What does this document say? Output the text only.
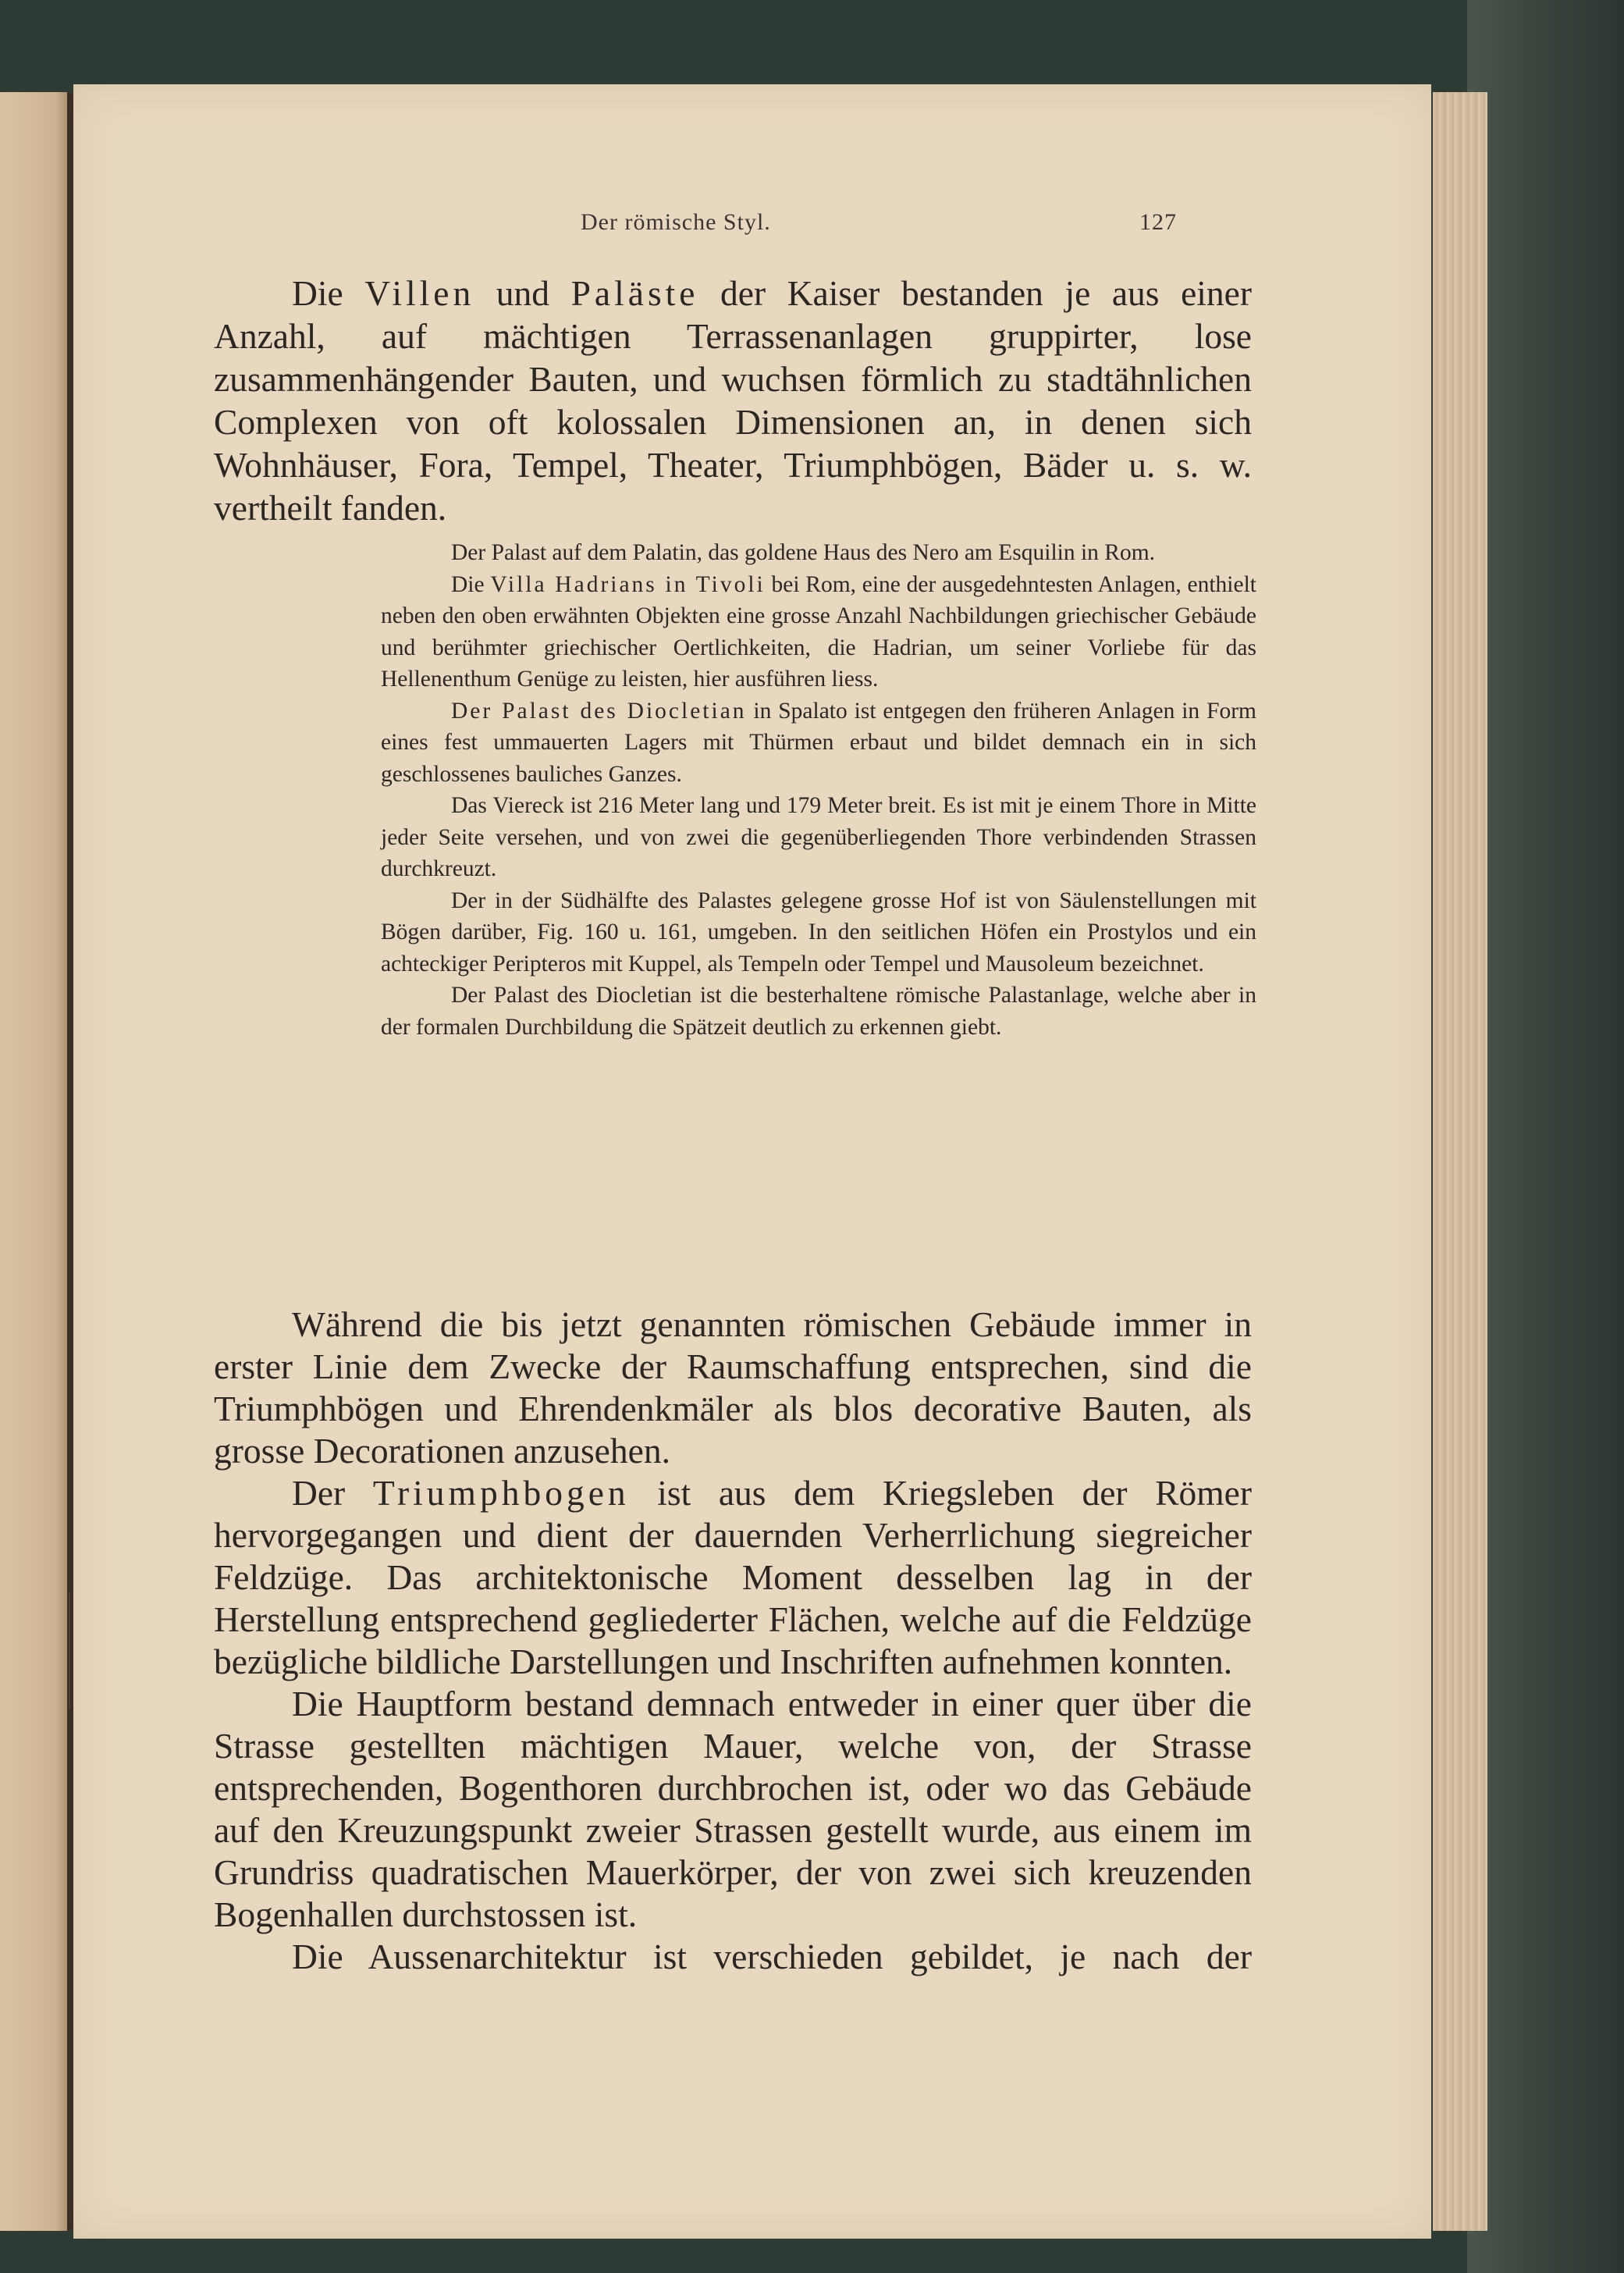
Der römische Styl.	127

Die Villen und Paläste der Kaiser bestanden je aus einer Anzahl, auf mächtigen Terrassenanlagen gruppirter, lose zusammenhängender Bauten, und wuchsen förmlich zu stadtähnlichen Complexen von oft kolossalen Dimensionen an, in denen sich Wohnhäuser, Fora, Tempel, Theater, Triumphbögen, Bäder u. s. w. vertheilt fanden.

Der Palast auf dem Palatin, das goldene Haus des Nero am Esquilin in Rom.

Die Villa Hadrians in Tivoli bei Rom, eine der ausgedehntesten Anlagen, enthielt neben den oben erwähnten Objekten eine grosse Anzahl Nachbildungen griechischer Gebäude und berühmter griechischer Oertlichkeiten, die Hadrian, um seiner Vorliebe für das Hellenenthum Genüge zu leisten, hier ausführen liess.

Der Palast des Diocletian in Spalato ist entgegen den früheren Anlagen in Form eines fest ummauerten Lagers mit Thürmen erbaut und bildet demnach ein in sich geschlossenes bauliches Ganzes.

Das Viereck ist 216 Meter lang und 179 Meter breit. Es ist mit je einem Thore in Mitte jeder Seite versehen, und von zwei die gegenüberliegenden Thore verbindenden Strassen durchkreuzt.

Der in der Südhälfte des Palastes gelegene grosse Hof ist von Säulenstellungen mit Bögen darüber, Fig. 160 u. 161, umgeben. In den seitlichen Höfen ein Prostylos und ein achteckiger Peripteros mit Kuppel, als Tempeln oder Tempel und Mausoleum bezeichnet.

Der Palast des Diocletian ist die besterhaltene römische Palastanlage, welche aber in der formalen Durchbildung die Spätzeit deutlich zu erkennen giebt.

Während die bis jetzt genannten römischen Gebäude immer in erster Linie dem Zwecke der Raumschaffung entsprechen, sind die Triumphbögen und Ehrendenkmäler als blos decorative Bauten, als grosse Decorationen anzusehen.

Der Triumphbogen ist aus dem Kriegsleben der Römer hervorgegangen und dient der dauernden Verherrlichung siegreicher Feldzüge. Das architektonische Moment desselben lag in der Herstellung entsprechend gegliederter Flächen, welche auf die Feldzüge bezügliche bildliche Darstellungen und Inschriften aufnehmen konnten.

Die Hauptform bestand demnach entweder in einer quer über die Strasse gestellten mächtigen Mauer, welche von, der Strasse entsprechenden, Bogenthoren durchbrochen ist, oder wo das Gebäude auf den Kreuzungspunkt zweier Strassen gestellt wurde, aus einem im Grundriss quadratischen Mauerkörper, der von zwei sich kreuzenden Bogenhallen durchstossen ist.

Die Aussenarchitektur ist verschieden gebildet, je nach der
